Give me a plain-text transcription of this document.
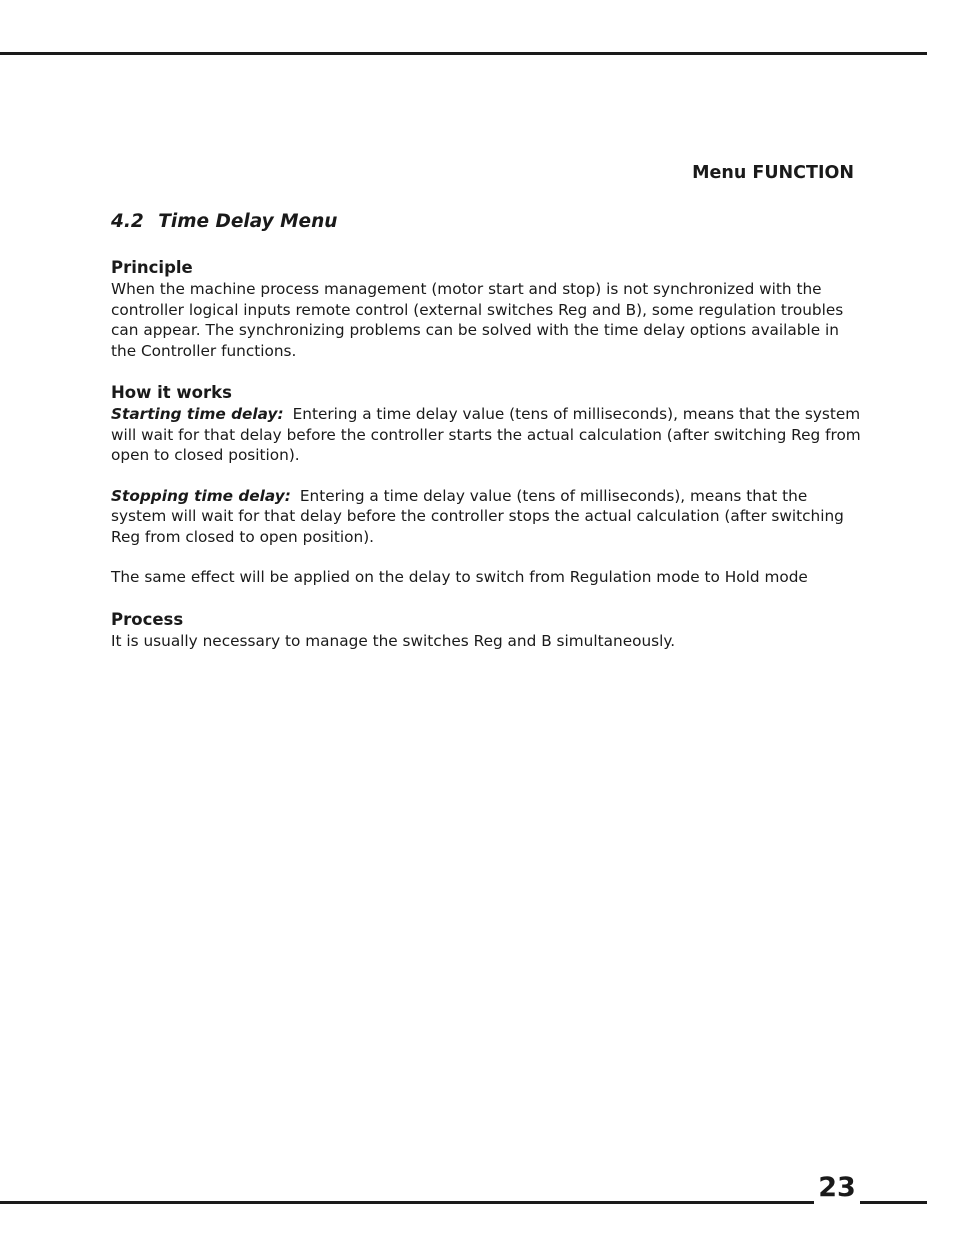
Menu FUNCTION
4.2 Time Delay Menu

Principle

When the machine process management (motor start and stop) is not synchronized with the controller logical inputs remote control (external switches Reg and B), some regulation troubles can appear. The synchronizing problems can be solved with the time delay options available in the Controller functions.

How it works

Starting time delay: Entering a time delay value (tens of milliseconds), means that the system will wait for that delay before the controller starts the actual calculation (after switching Reg from open to closed position).

Stopping time delay: Entering a time delay value (tens of milliseconds), means that the system will wait for that delay before the controller stops the actual calculation (after switching Reg from closed to open position).

The same effect will be applied on the delay to switch from Regulation mode to Hold mode

Process

It is usually necessary to manage the switches Reg and B simultaneously.

23
